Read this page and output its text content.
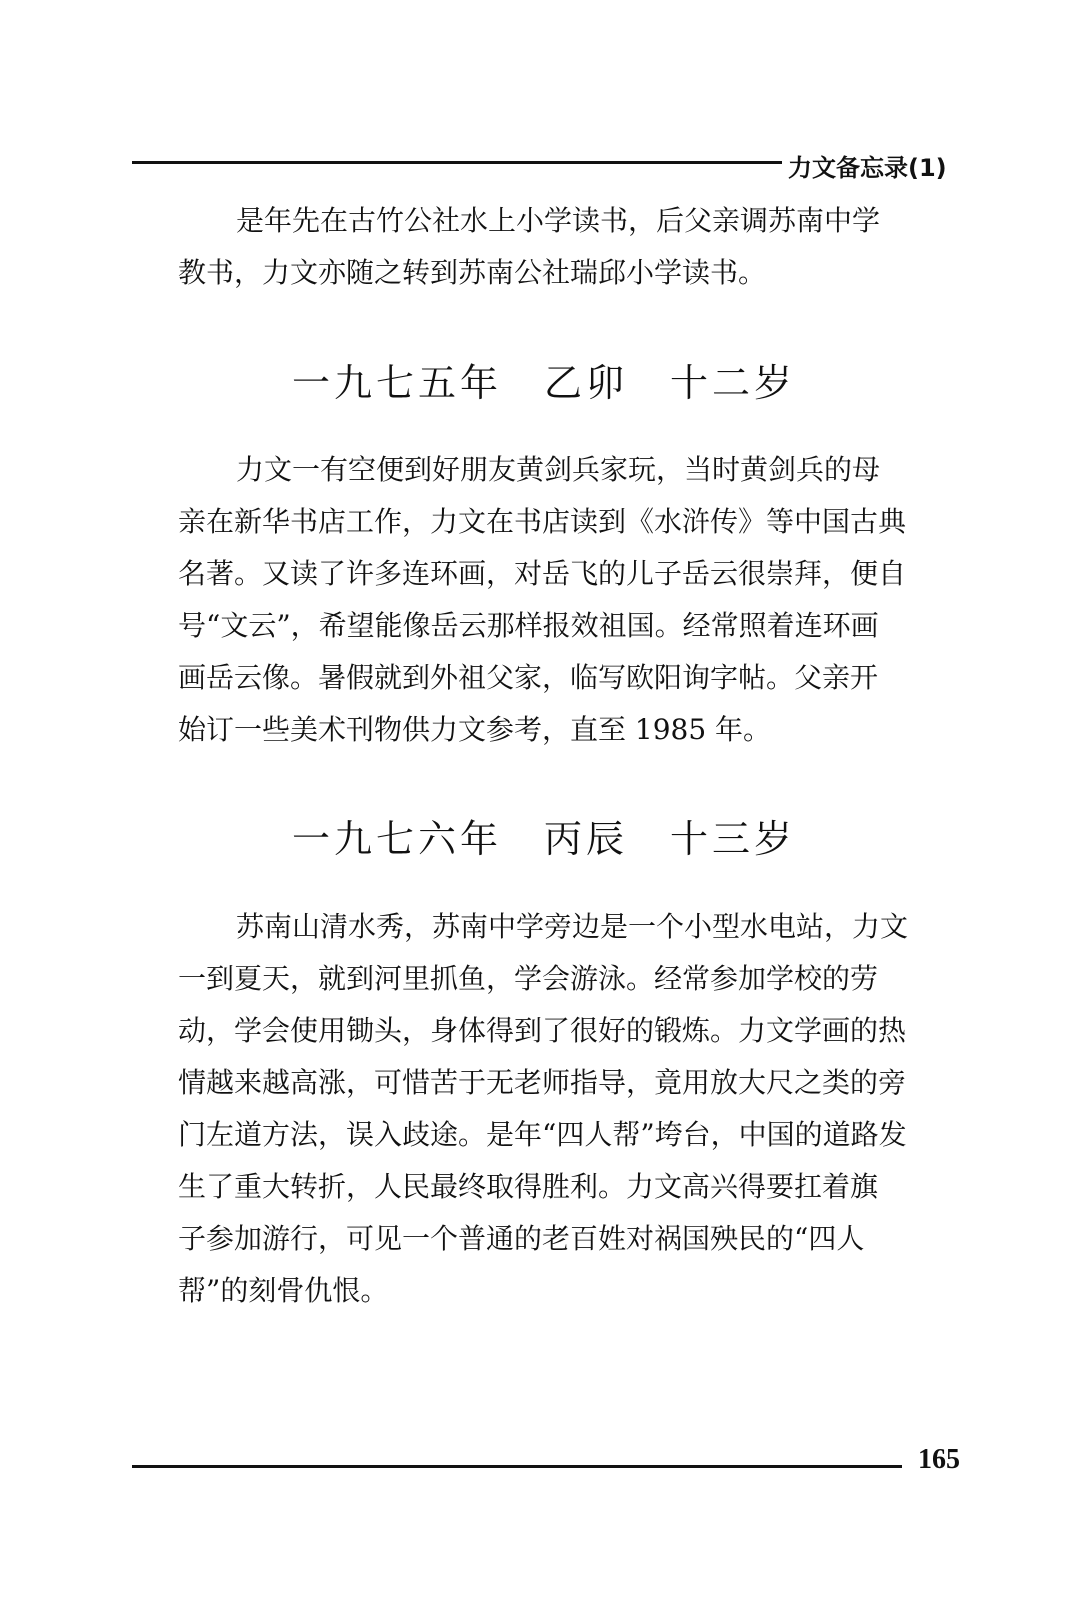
力文备忘录(1)
是年先在古竹公社水上小学读书，后父亲调苏南中学
教书，力文亦随之转到苏南公社瑞邱小学读书。
一九七五年　乙卯　十二岁
力文一有空便到好朋友黄剑兵家玩，当时黄剑兵的母
亲在新华书店工作，力文在书店读到《水浒传》等中国古典
名著。又读了许多连环画，对岳飞的儿子岳云很崇拜，便自
号“文云”，希望能像岳云那样报效祖国。经常照着连环画
画岳云像。暑假就到外祖父家，临写欧阳询字帖。父亲开
始订一些美术刊物供力文参考，直至 1985 年。
一九七六年　丙辰　十三岁
苏南山清水秀，苏南中学旁边是一个小型水电站，力文
一到夏天，就到河里抓鱼，学会游泳。经常参加学校的劳
动，学会使用锄头，身体得到了很好的锻炼。力文学画的热
情越来越高涨，可惜苦于无老师指导，竟用放大尺之类的旁
门左道方法，误入歧途。是年“四人帮”垮台，中国的道路发
生了重大转折，人民最终取得胜利。力文高兴得要扛着旗
子参加游行，可见一个普通的老百姓对祸国殃民的“四人
帮”的刻骨仇恨。
165
